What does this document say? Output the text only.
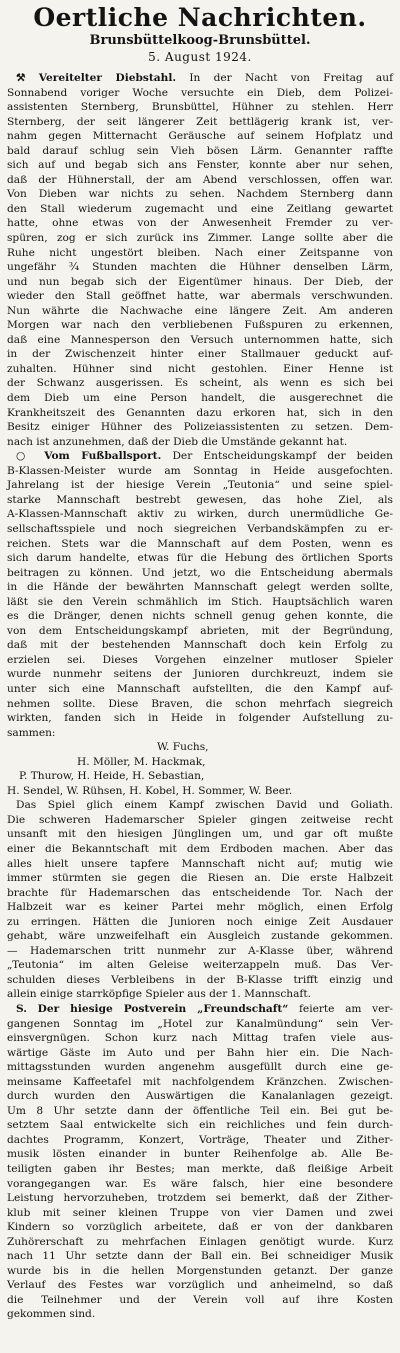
Oertliche Nachrichten.
Brunsbüttelkoog-Brunsbüttel.
5. August 1924.
⚒ Vereitelter Diebstahl. In der Nacht von Freitag auf
Sonnabend voriger Woche versuchte ein Dieb, dem Polizei-
assistenten Sternberg, Brunsbüttel, Hühner zu stehlen. Herr
Sternberg, der seit längerer Zeit bettlägerig krank ist, ver-
nahm gegen Mitternacht Geräusche auf seinem Hofplatz und
bald darauf schlug sein Vieh bösen Lärm. Genannter raffte
sich auf und begab sich ans Fenster, konnte aber nur sehen,
daß der Hühnerstall, der am Abend verschlossen, offen war.
Von Dieben war nichts zu sehen. Nachdem Sternberg dann
den Stall wiederum zugemacht und eine Zeitlang gewartet
hatte, ohne etwas von der Anwesenheit Fremder zu ver-
spüren, zog er sich zurück ins Zimmer. Lange sollte aber die
Ruhe nicht ungestört bleiben. Nach einer Zeitspanne von
ungefähr ¾ Stunden machten die Hühner denselben Lärm,
und nun begab sich der Eigentümer hinaus. Der Dieb, der
wieder den Stall geöffnet hatte, war abermals verschwunden.
Nun währte die Nachwache eine längere Zeit. Am anderen
Morgen war nach den verbliebenen Fußspuren zu erkennen,
daß eine Mannesperson den Versuch unternommen hatte, sich
in der Zwischenzeit hinter einer Stallmauer geduckt auf-
zuhalten. Hühner sind nicht gestohlen. Einer Henne ist
der Schwanz ausgerissen. Es scheint, als wenn es sich bei
dem Dieb um eine Person handelt, die ausgerechnet die
Krankheitszeit des Genannten dazu erkoren hat, sich in den
Besitz einiger Hühner des Polizeiassistenten zu setzen. Dem-
nach ist anzunehmen, daß der Dieb die Umstände gekannt hat.
○ Vom Fußballsport. Der Entscheidungskampf der beiden
B-Klassen-Meister wurde am Sonntag in Heide ausgefochten.
Jahrelang ist der hiesige Verein „Teutonia“ und seine spiel-
starke Mannschaft bestrebt gewesen, das hohe Ziel, als
A-Klassen-Mannschaft aktiv zu wirken, durch unermüdliche Ge-
sellschaftsspiele und noch siegreichen Verbandskämpfen zu er-
reichen. Stets war die Mannschaft auf dem Posten, wenn es
sich darum handelte, etwas für die Hebung des örtlichen Sports
beitragen zu können. Und jetzt, wo die Entscheidung abermals
in die Hände der bewährten Mannschaft gelegt werden sollte,
läßt sie den Verein schmählich im Stich. Hauptsächlich waren
es die Dränger, denen nichts schnell genug gehen konnte, die
von dem Entscheidungskampf abrieten, mit der Begründung,
daß mit der bestehenden Mannschaft doch kein Erfolg zu
erzielen sei. Dieses Vorgehen einzelner mutloser Spieler
wurde nunmehr seitens der Junioren durchkreuzt, indem sie
unter sich eine Mannschaft aufstellten, die den Kampf auf-
nehmen sollte. Diese Braven, die schon mehrfach siegreich
wirkten, fanden sich in Heide in folgender Aufstellung zu-
sammen:
W. Fuchs,
H. Möller, M. Hackmak,
P. Thurow, H. Heide, H. Sebastian,
H. Sendel, W. Rühsen, H. Kobel, H. Sommer, W. Beer.
Das Spiel glich einem Kampf zwischen David und Goliath.
Die schweren Hademarscher Spieler gingen zeitweise recht
unsanft mit den hiesigen Jünglingen um, und gar oft mußte
einer die Bekanntschaft mit dem Erdboden machen. Aber das
alles hielt unsere tapfere Mannschaft nicht auf; mutig wie
immer stürmten sie gegen die Riesen an. Die erste Halbzeit
brachte für Hademarschen das entscheidende Tor. Nach der
Halbzeit war es keiner Partei mehr möglich, einen Erfolg
zu erringen. Hätten die Junioren noch einige Zeit Ausdauer
gehabt, wäre unzweifelhaft ein Ausgleich zustande gekommen.
— Hademarschen tritt nunmehr zur A-Klasse über, während
„Teutonia“ im alten Geleise weiterzappeln muß. Das Ver-
schulden dieses Verbleibens in der B-Klasse trifft einzig und
allein einige starrköpfige Spieler aus der 1. Mannschaft.
S. Der hiesige Postverein „Freundschaft“ feierte am ver-
gangenen Sonntag im „Hotel zur Kanalmündung“ sein Ver-
einsvergnügen. Schon kurz nach Mittag trafen viele aus-
wärtige Gäste im Auto und per Bahn hier ein. Die Nach-
mittagsstunden wurden angenehm ausgefüllt durch eine ge-
meinsame Kaffeetafel mit nachfolgendem Kränzchen. Zwischen-
durch wurden den Auswärtigen die Kanalanlagen gezeigt.
Um 8 Uhr setzte dann der öffentliche Teil ein. Bei gut be-
setztem Saal entwickelte sich ein reichliches und fein durch-
dachtes Programm, Konzert, Vorträge, Theater und Zither-
musik lösten einander in bunter Reihenfolge ab. Alle Be-
teiligten gaben ihr Bestes; man merkte, daß fleißige Arbeit
vorangegangen war. Es wäre falsch, hier eine besondere
Leistung hervorzuheben, trotzdem sei bemerkt, daß der Zither-
klub mit seiner kleinen Truppe von vier Damen und zwei
Kindern so vorzüglich arbeitete, daß er von der dankbaren
Zuhörerschaft zu mehrfachen Einlagen genötigt wurde. Kurz
nach 11 Uhr setzte dann der Ball ein. Bei schneidiger Musik
wurde bis in die hellen Morgenstunden getanzt. Der ganze
Verlauf des Festes war vorzüglich und anheimelnd, so daß
die Teilnehmer und der Verein voll auf ihre Kosten
gekommen sind.
